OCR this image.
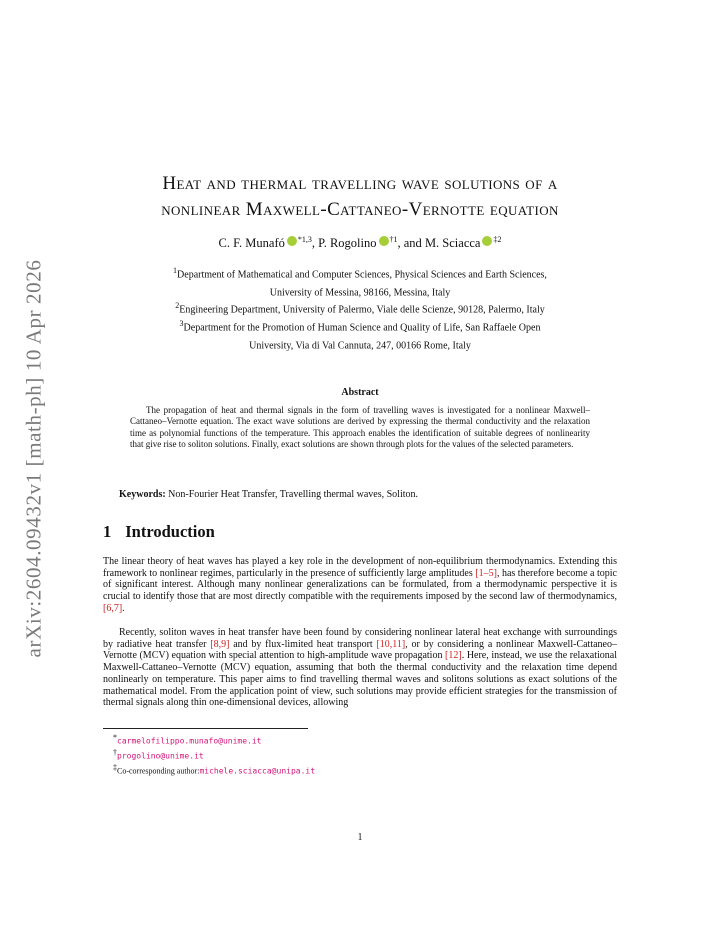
arXiv:2604.09432v1 [math-ph] 10 Apr 2026
Heat and thermal travelling wave solutions of a
nonlinear Maxwell-Cattaneo-Vernotte equation
C. F. Munafó $^{*1,3}$, P. Rogolino $^{\dagger 1}$, and M. Sciacca $^{\ddagger 2}$

$^1$Department of Mathematical and Computer Sciences, Physical Sciences and Earth Sciences,

University of Messina, 98166, Messina, Italy

$^2$Engineering Department, University of Palermo, Viale delle Scienze, 90128, Palermo, Italy

$^3$Department for the Promotion of Human Science and Quality of Life, San Raffaele Open

University, Via di Val Cannuta, 247, 00166 Rome, Italy

Abstract
The propagation of heat and thermal signals in the form of travelling waves is investigated for a nonlinear Maxwell–Cattaneo–Vernotte equation. The exact wave solutions are derived by expressing the thermal conductivity and the relaxation time as polynomial functions of the temperature. This approach enables the identification of suitable degrees of nonlinearity that give rise to soliton solutions. Finally, exact solutions are shown through plots for the values of the selected parameters.
Keywords: Non-Fourier Heat Transfer, Travelling thermal waves, Soliton.
1 Introduction

The linear theory of heat waves has played a key role in the development of non-equilibrium thermodynamics. Extending this framework to nonlinear regimes, particularly in the presence of sufficiently large amplitudes [1–5], has therefore become a topic of significant interest. Although many nonlinear generalizations can be formulated, from a thermodynamic perspective it is crucial to identify those that are most directly compatible with the requirements imposed by the second law of thermodynamics, [6,7].

Recently, soliton waves in heat transfer have been found by considering nonlinear lateral heat exchange with surroundings by radiative heat transfer [8,9] and by flux-limited heat transport [10,11], or by considering a nonlinear Maxwell-Cattaneo–Vernotte (MCV) equation with special attention to high-amplitude wave propagation [12]. Here, instead, we use the relaxational Maxwell-Cattaneo–Vernotte (MCV) equation, assuming that both the thermal conductivity and the relaxation time depend nonlinearly on temperature. This paper aims to find travelling thermal waves and solitons solutions as exact solutions of the mathematical model. From the application point of view, such solutions may provide efficient strategies for the transmission of thermal signals along thin one-dimensional devices, allowing

*carmelofilippo.munafo@unime.it

†progolino@unime.it

‡Co-corresponding author:michele.sciacca@unipa.it

1
